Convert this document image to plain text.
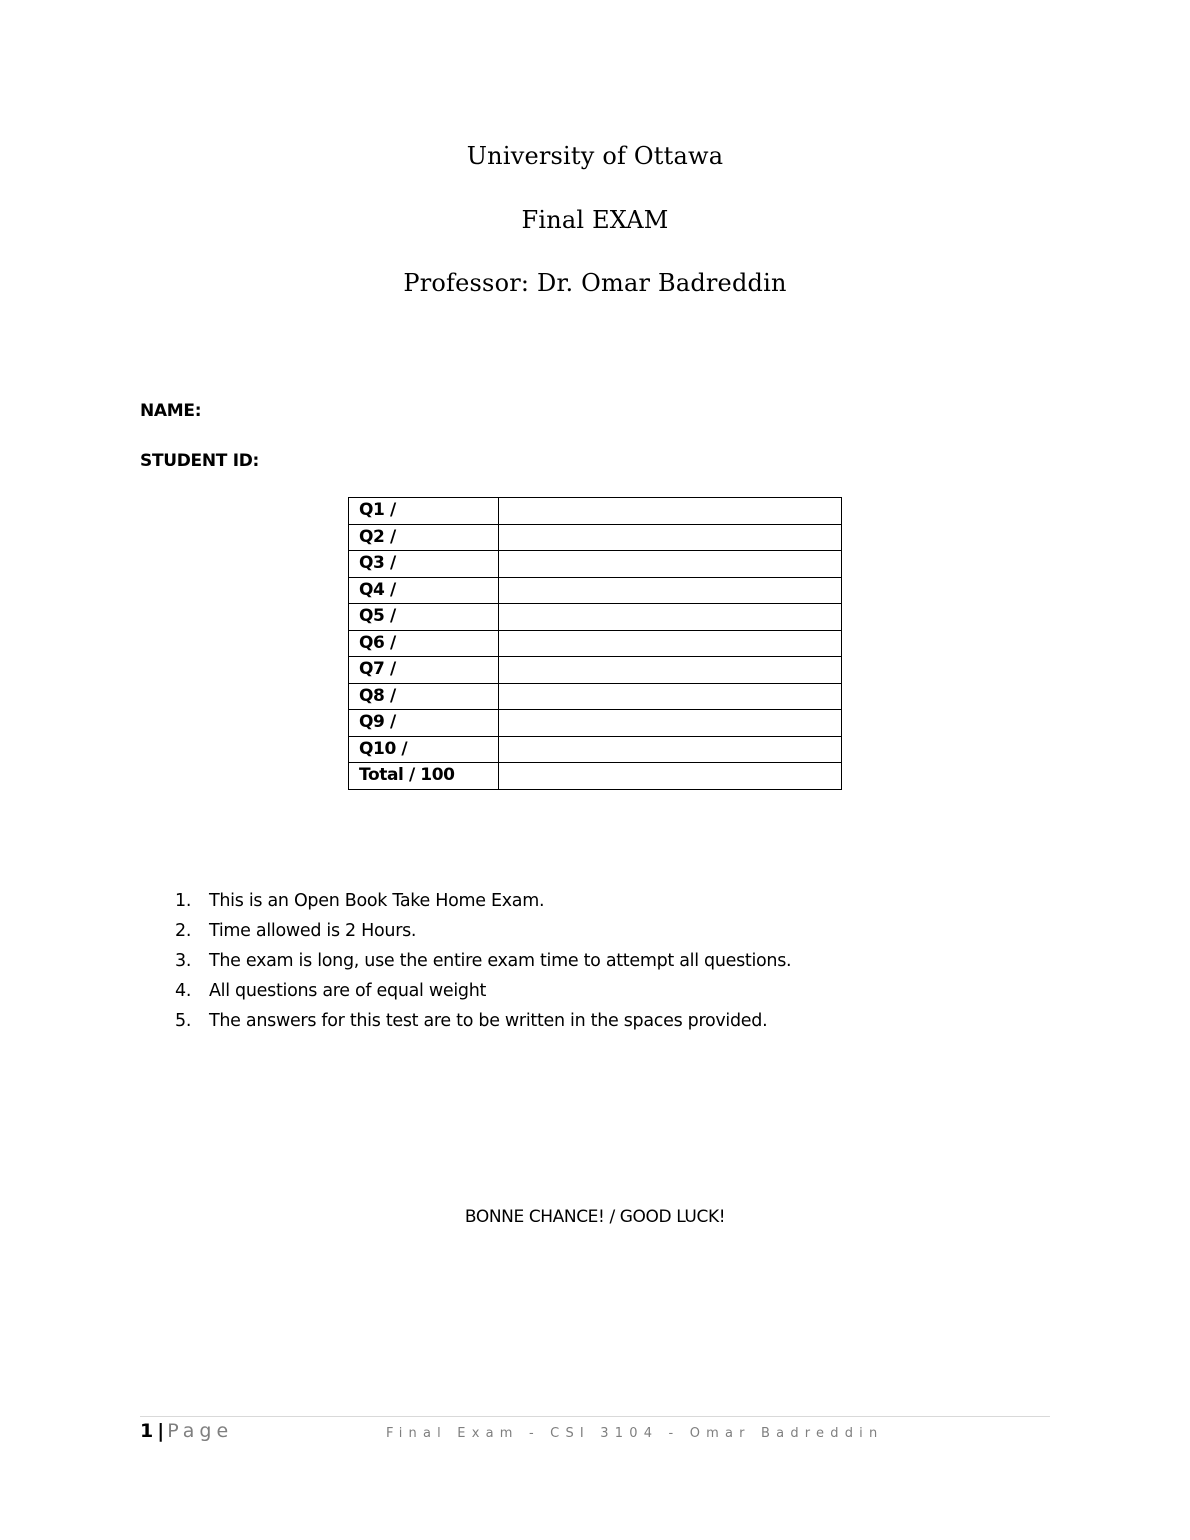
University of Ottawa
Final EXAM
Professor: Dr. Omar Badreddin
NAME:
STUDENT ID:
Q1 /	
Q2 /	
Q3 /	
Q4 /	
Q5 /	
Q6 /	
Q7 /	
Q8 /	
Q9 /	
Q10 /	
Total / 100	
1. This is an Open Book Take Home Exam.
2. Time allowed is 2 Hours.
3. The exam is long, use the entire exam time to attempt all questions.
4. All questions are of equal weight
5. The answers for this test are to be written in the spaces provided.
BONNE CHANCE! / GOOD LUCK!
1 | Page	Final Exam - CSI 3104 - Omar Badreddin
